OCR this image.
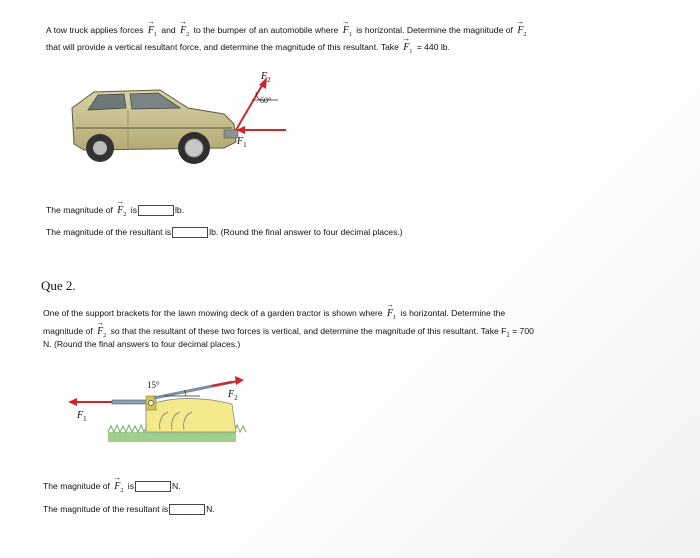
A tow truck applies forces → $F_1$ and → $F_2$ to the bumper of an automobile where → $F_1$ is horizontal. Determine the magnitude of → $F_2$
that will provide a vertical resultant force, and determine the magnitude of this resultant. Take → $F_1 = 440$ lb.
$F_2$
60°
$F_1$
The magnitude of → $F_2$ is	lb.
The magnitude of the resultant is	lb. (Round the final answer to four decimal places.)
Que 2.
One of the support brackets for the lawn mowing deck of a garden tractor is shown where → $F_1$ is horizontal. Determine the
magnitude of → $F_2$ so that the resultant of these two forces is vertical, and determine the magnitude of this resultant. Take $F_1 = 700$
N. (Round the final answers to four decimal places.)
15°
$F_2$
$F_1$
The magnitude of → $F_2$ is	N.
The magnitude of the resultant is	N.
